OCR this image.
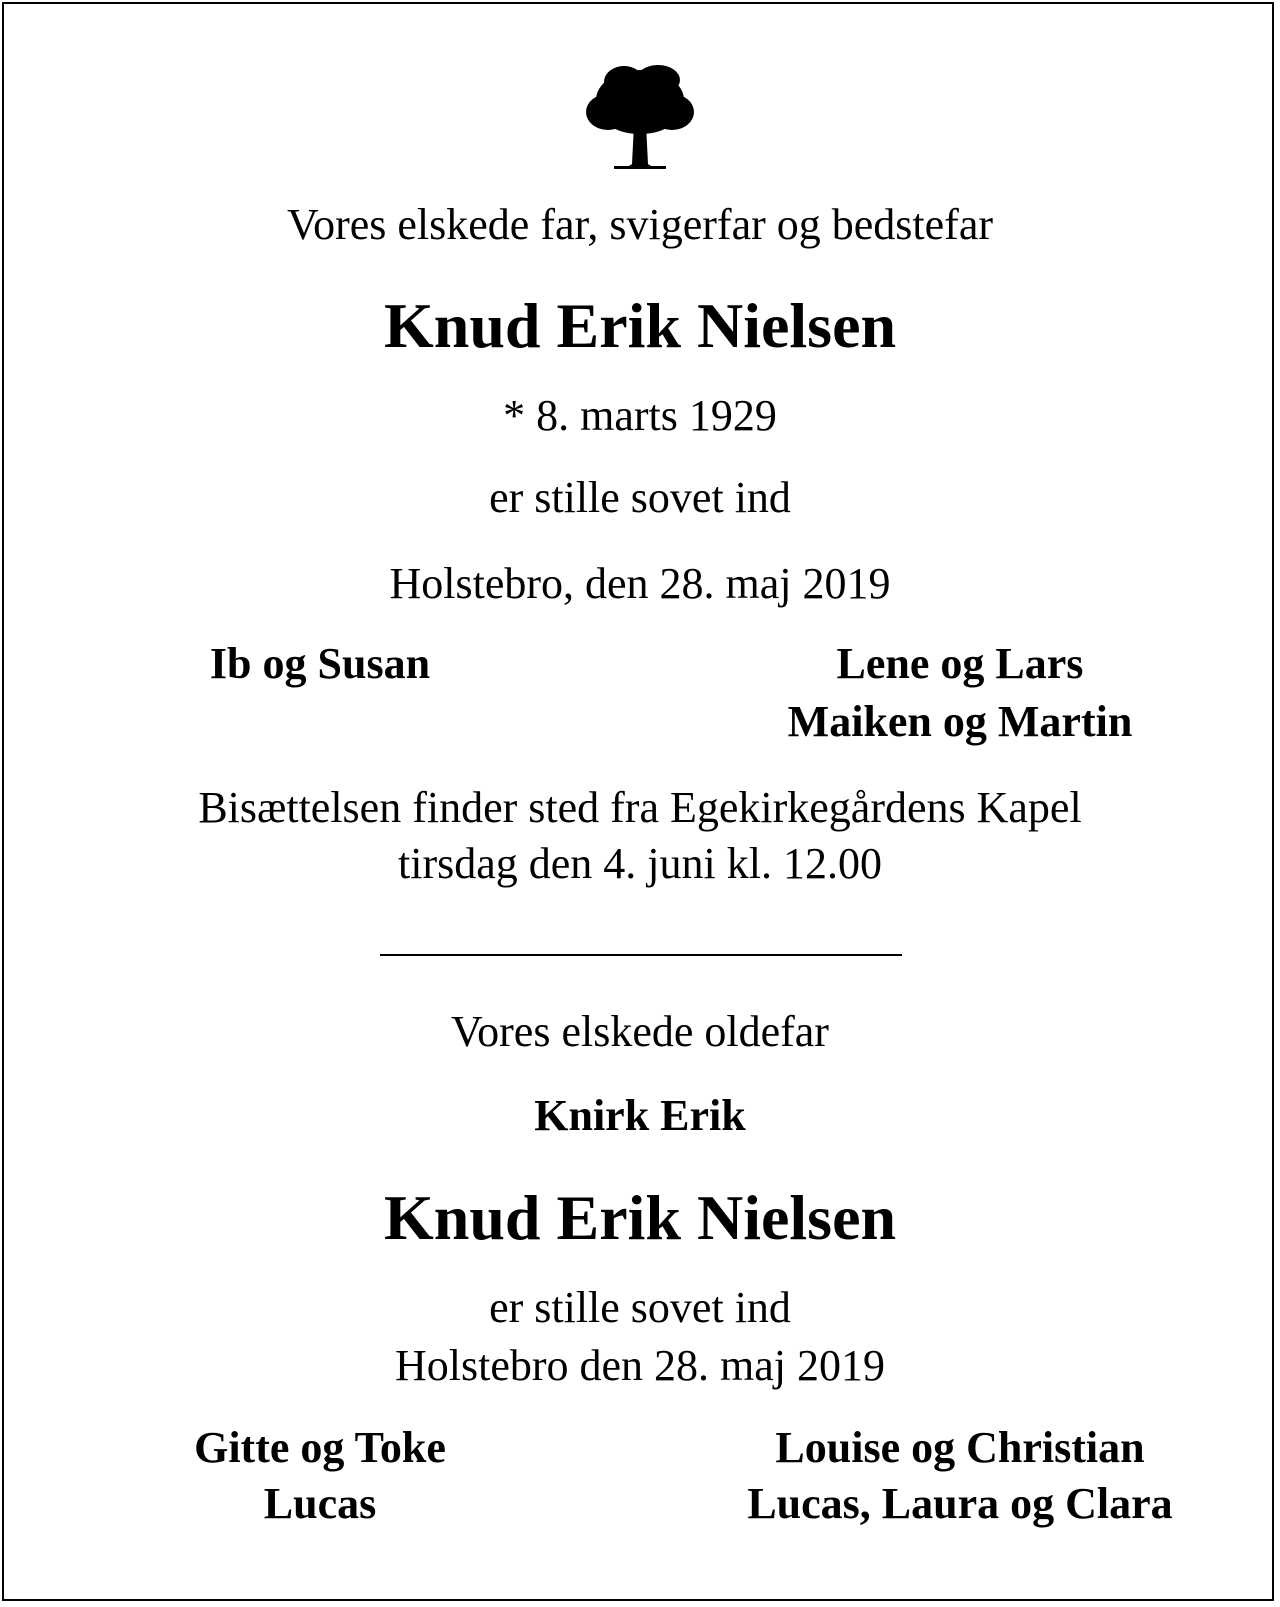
Vores elskede far, svigerfar og bedstefar
Knud Erik Nielsen
* 8. marts 1929
er stille sovet ind
Holstebro, den 28. maj 2019
Ib og Susan	Lene og Lars
Maiken og Martin
Bisættelsen finder sted fra Egekirkegårdens Kapel
tirsdag den 4. juni kl. 12.00
Vores elskede oldefar
Knirk Erik
Knud Erik Nielsen
er stille sovet ind
Holstebro den 28. maj 2019
Gitte og Toke
Lucas
Louise og Christian
Lucas, Laura og Clara
